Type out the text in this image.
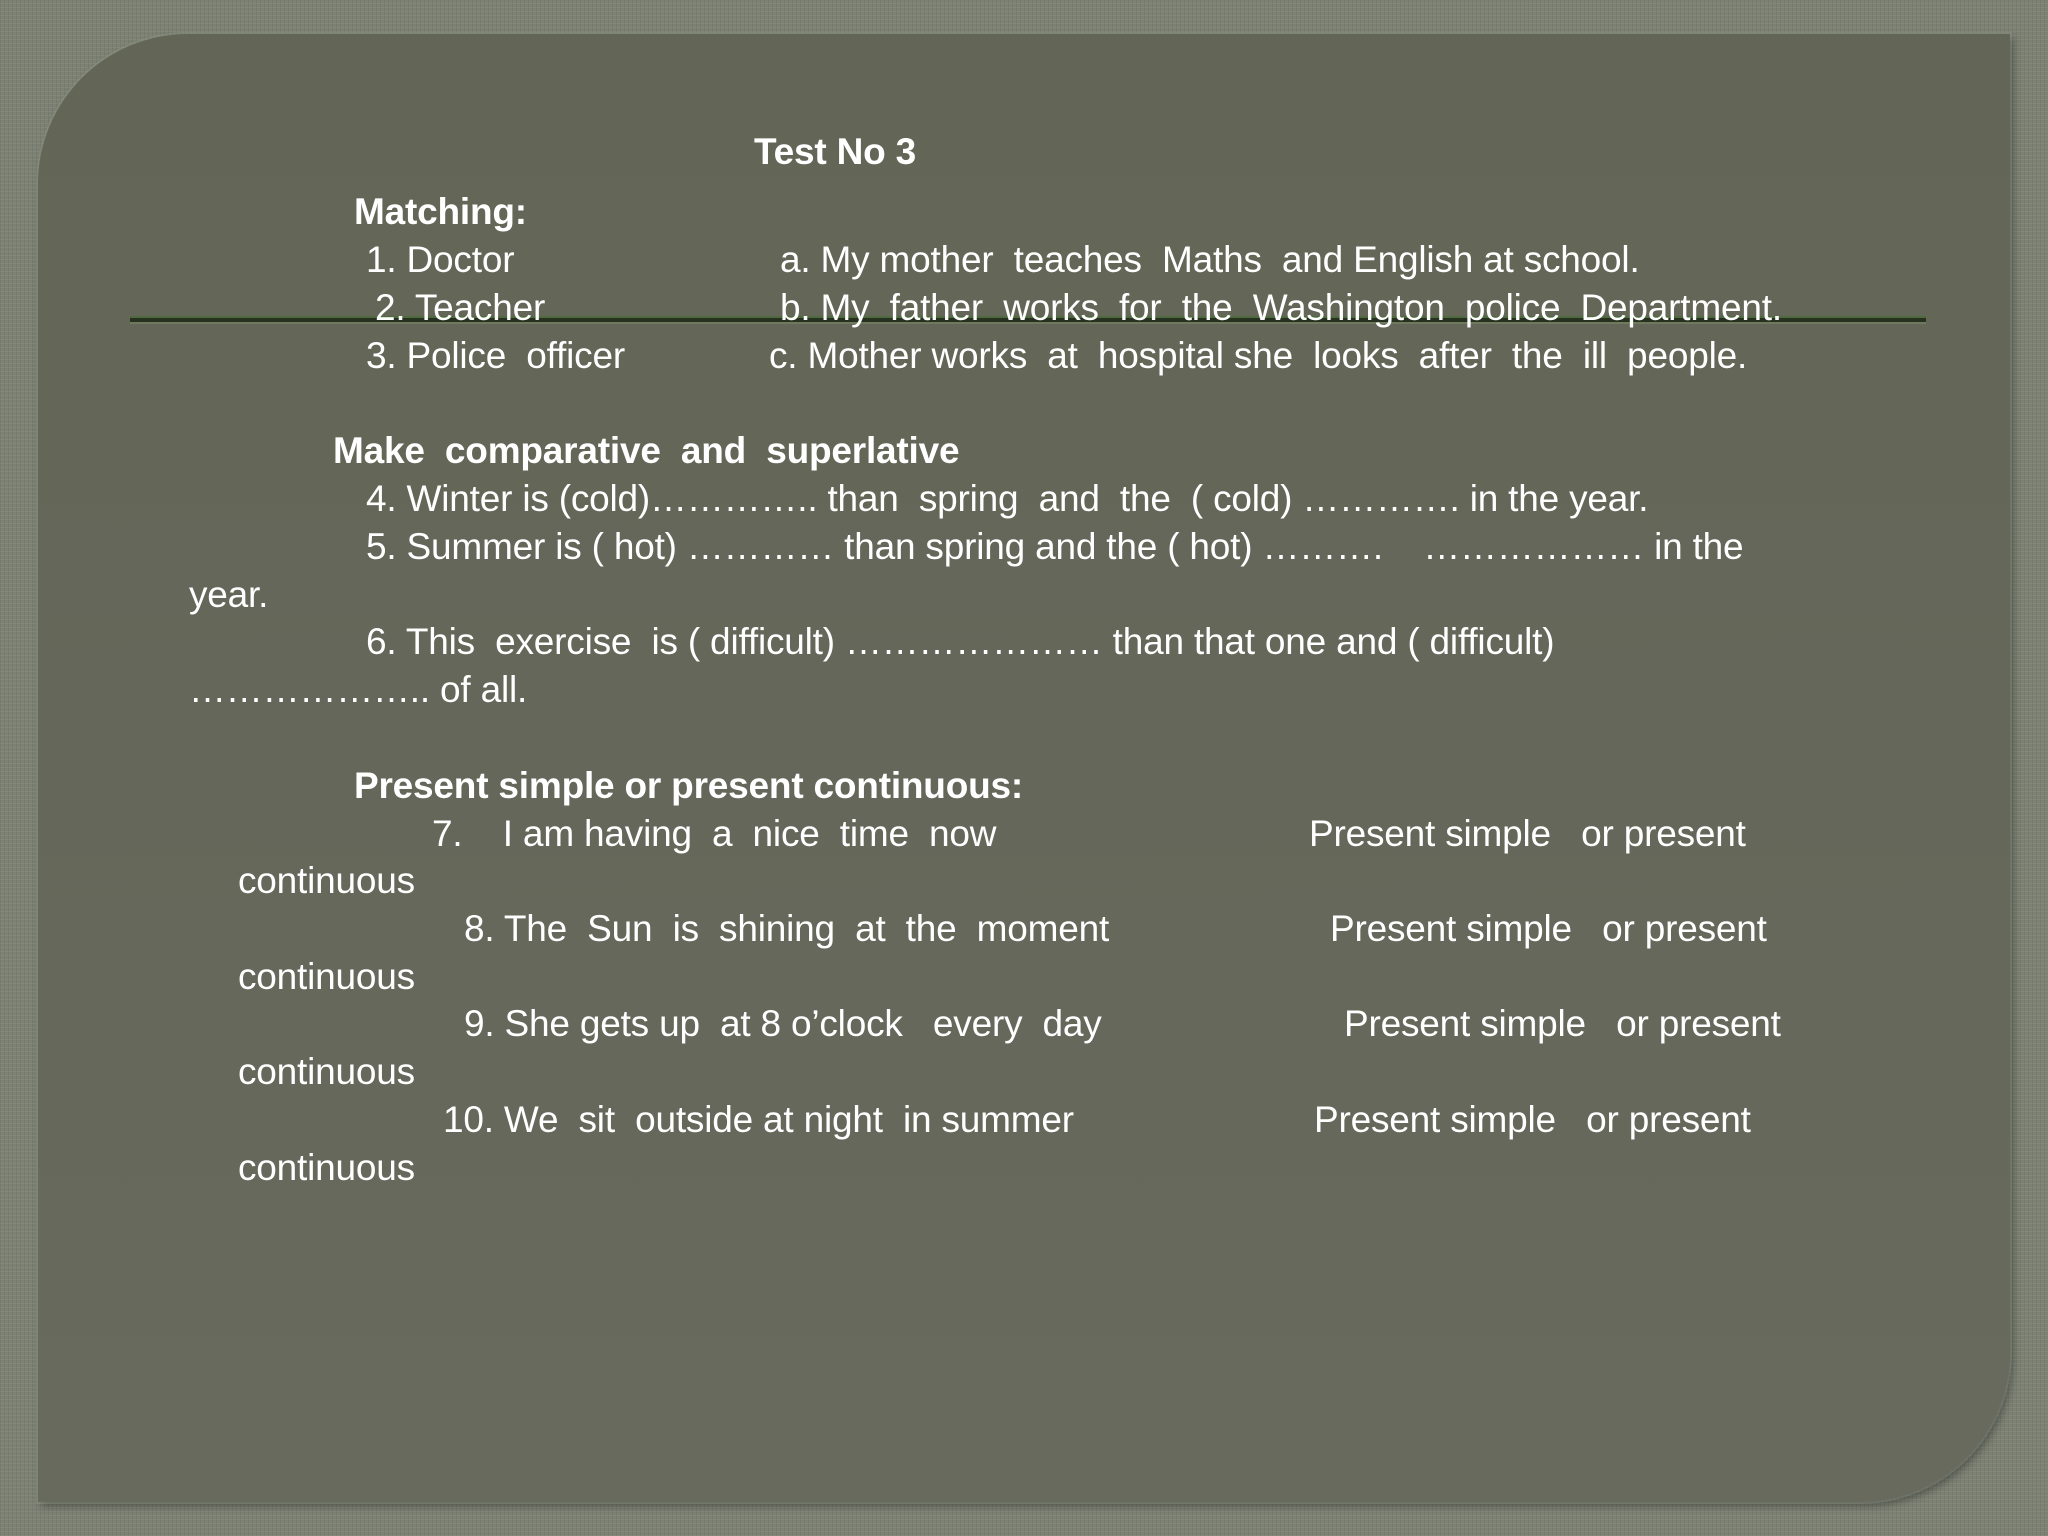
Test No 3
Matching:
1. Doctor	a. My mother  teaches  Maths  and English at school.
2. Teacher	b. My  father  works  for  the  Washington  police  Department.
3. Police  officer	c. Mother works  at  hospital she  looks  after  the  ill  people.
Make  comparative  and  superlative
4. Winter is (cold)………….. than  spring  and  the  ( cold) …………. in the year.
5. Summer is ( hot) ………… than spring and the ( hot) ……….    ……………… in the
year.
6. This  exercise  is ( difficult) ………………… than that one and ( difficult)
……………….. of all.
Present simple or present continuous:
7.    I am having  a  nice  time  now	Present simple   or present
continuous
8. The  Sun  is  shining  at  the  moment	Present simple   or present
continuous
9. She gets up  at 8 o’clock   every  day	Present simple   or present
continuous
10. We  sit  outside at night  in summer	Present simple   or present
continuous
